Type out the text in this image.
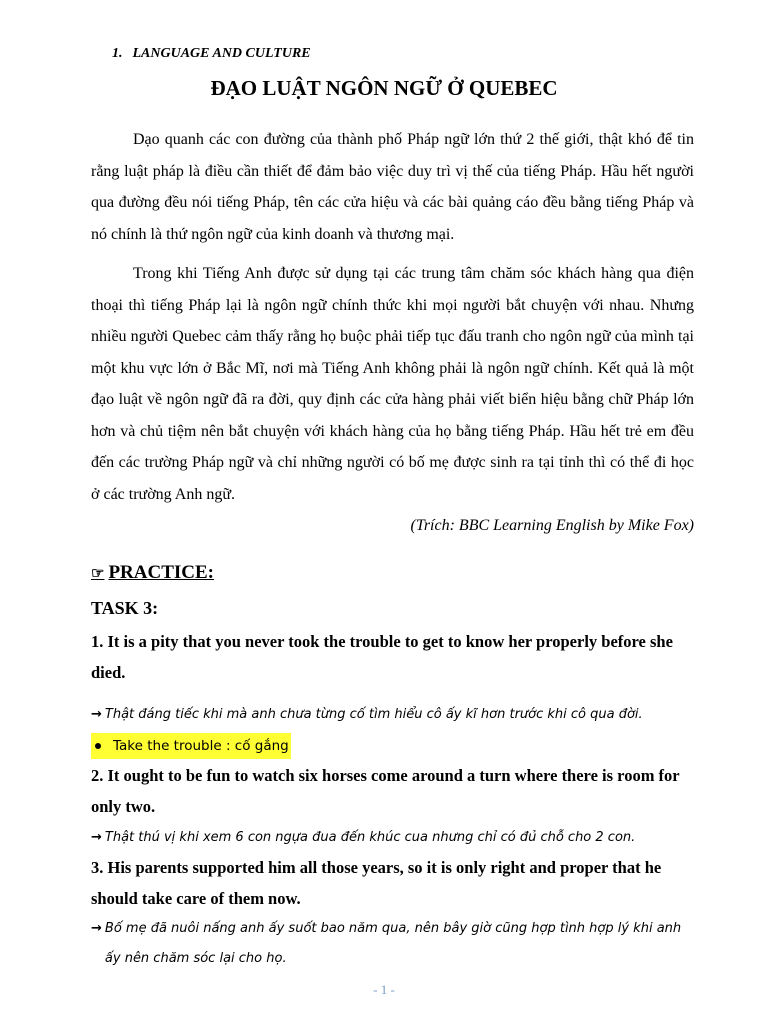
1. LANGUAGE AND CULTURE
ĐẠO LUẬT NGÔN NGỮ Ở QUEBEC

Dạo quanh các con đường của thành phố Pháp ngữ lớn thứ 2 thế giới, thật khó để tin rằng luật pháp là điều cần thiết để đảm bảo việc duy trì vị thế của tiếng Pháp. Hầu hết người qua đường đều nói tiếng Pháp, tên các cửa hiệu và các bài quảng cáo đều bằng tiếng Pháp và nó chính là thứ ngôn ngữ của kinh doanh và thương mại.

Trong khi Tiếng Anh được sử dụng tại các trung tâm chăm sóc khách hàng qua điện thoại thì tiếng Pháp lại là ngôn ngữ chính thức khi mọi người bắt chuyện với nhau. Nhưng nhiều người Quebec cảm thấy rằng họ buộc phải tiếp tục đấu tranh cho ngôn ngữ của mình tại một khu vực lớn ở Bắc Mĩ, nơi mà Tiếng Anh không phải là ngôn ngữ chính. Kết quả là một đạo luật về ngôn ngữ đã ra đời, quy định các cửa hàng phải viết biển hiệu bằng chữ Pháp lớn hơn và chủ tiệm nên bắt chuyện với khách hàng của họ bằng tiếng Pháp. Hầu hết trẻ em đều đến các trường Pháp ngữ và chỉ những người có bố mẹ được sinh ra tại tỉnh thì có thể đi học ở các trường Anh ngữ.

(Trích: BBC Learning English by Mike Fox)

☞ PRACTICE:
TASK 3:

1. It is a pity that you never took the trouble to get to know her properly before she died.

→ Thật đáng tiếc khi mà anh chưa từng cố tìm hiểu cô ấy kĩ hơn trước khi cô qua đời.

Take the trouble : cố gắng

2. It ought to be fun to watch six horses come around a turn where there is room for only two.

→ Thật thú vị khi xem 6 con ngựa đua đến khúc cua nhưng chỉ có đủ chỗ cho 2 con.

3. His parents supported him all those years, so it is only right and proper that he should take care of them now.

→ Bố mẹ đã nuôi nấng anh ấy suốt bao năm qua, nên bây giờ cũng hợp tình hợp lý khi anh ấy nên chăm sóc lại cho họ.

- 1 -
